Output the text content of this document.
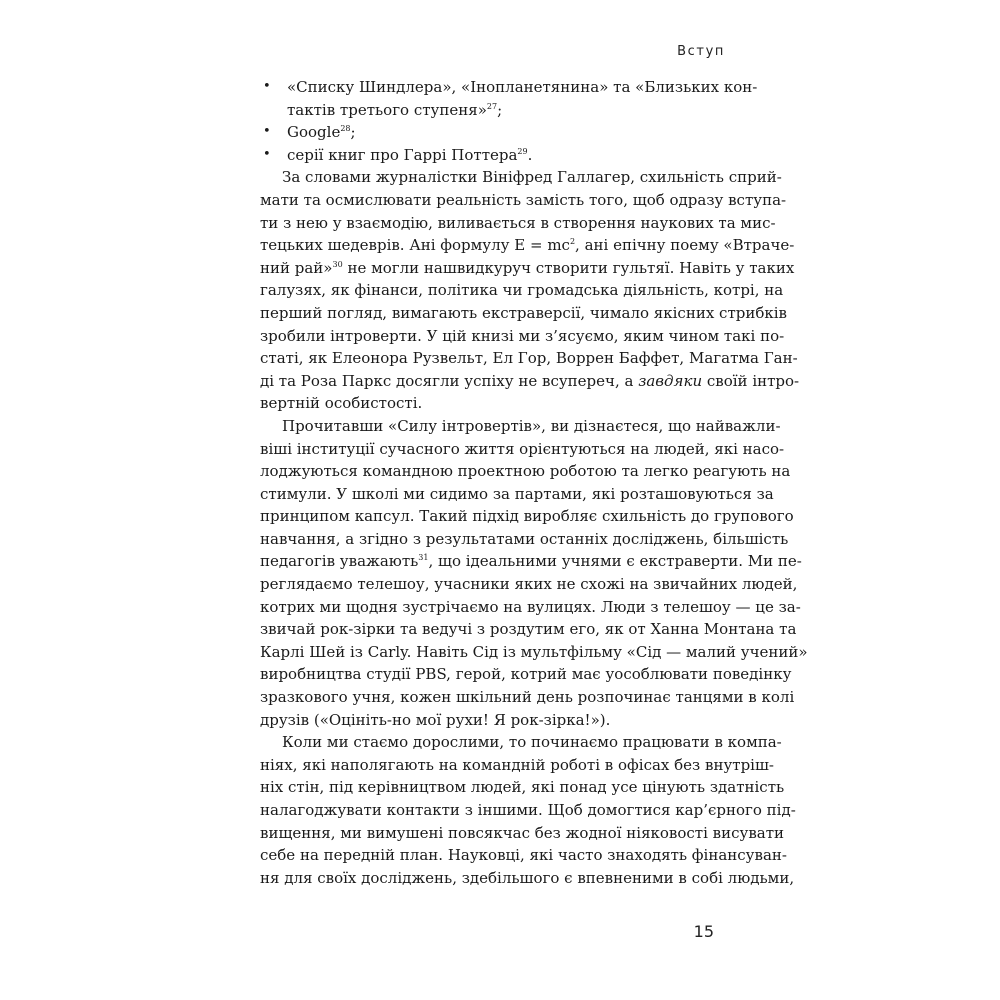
Вступ
• «Списку Шиндлера», «Інопланетянина» та «Близьких кон-
тактів третього ступеня»$^{27}$;
• Google$^{28}$;
• серії книг про Гаррі Поттера$^{29}$.
За словами журналістки Вініфред Галлагер, схильність сприй-
мати та осмислювати реальність замість того, щоб одразу вступа-
ти з нею у взаємодію, виливається в створення наукових та мис-
тецьких шедеврів. Ані формулу $E = mc^2$, ані епічну поему «Втраче-
ний рай»$^{30}$ не могли нашвидкуруч створити гультяї. Навіть у таких
галузях, як фінанси, політика чи громадська діяльність, котрі, на
перший погляд, вимагають екстраверсії, чимало якісних стрибків
зробили інтроверти. У цій книзі ми з’ясуємо, яким чином такі по-
статі, як Елеонора Рузвельт, Ел Гор, Воррен Баффет, Магатма Ган-
ді та Роза Паркс досягли успіху не всупереч, а завдяки своїй інтро-
вертній особистості.
Прочитавши «Силу інтровертів», ви дізнаєтеся, що найважли-
віші інституції сучасного життя орієнтуються на людей, які насо-
лоджуються командною проектною роботою та легко реагують на
стимули. У школі ми сидимо за партами, які розташовуються за
принципом капсул. Такий підхід виробляє схильність до групового
навчання, а згідно з результатами останніх досліджень, більшість
педагогів уважають$^{31}$, що ідеальними учнями є екстраверти. Ми пе-
реглядаємо телешоу, учасники яких не схожі на звичайних людей,
котрих ми щодня зустрічаємо на вулицях. Люди з телешоу — це за-
звичай рок-зірки та ведучі з роздутим его, як от Ханна Монтана та
Карлі Шей із Carly. Навіть Сід із мультфільму «Сід — малий учений»
виробництва студії PBS, герой, котрий має уособлювати поведінку
зразкового учня, кожен шкільний день розпочинає танцями в колі
друзів («Оцініть-но мої рухи! Я рок-зірка!»).
Коли ми стаємо дорослими, то починаємо працювати в компа-
ніях, які наполягають на командній роботі в офісах без внутріш-
ніх стін, під керівництвом людей, які понад усе цінують здатність
налагоджувати контакти з іншими. Щоб домогтися кар’єрного під-
вищення, ми вимушені повсякчас без жодної ніяковості висувати
себе на передній план. Науковці, які часто знаходять фінансуван-
ня для своїх досліджень, здебільшого є впевненими в собі людьми,
15
